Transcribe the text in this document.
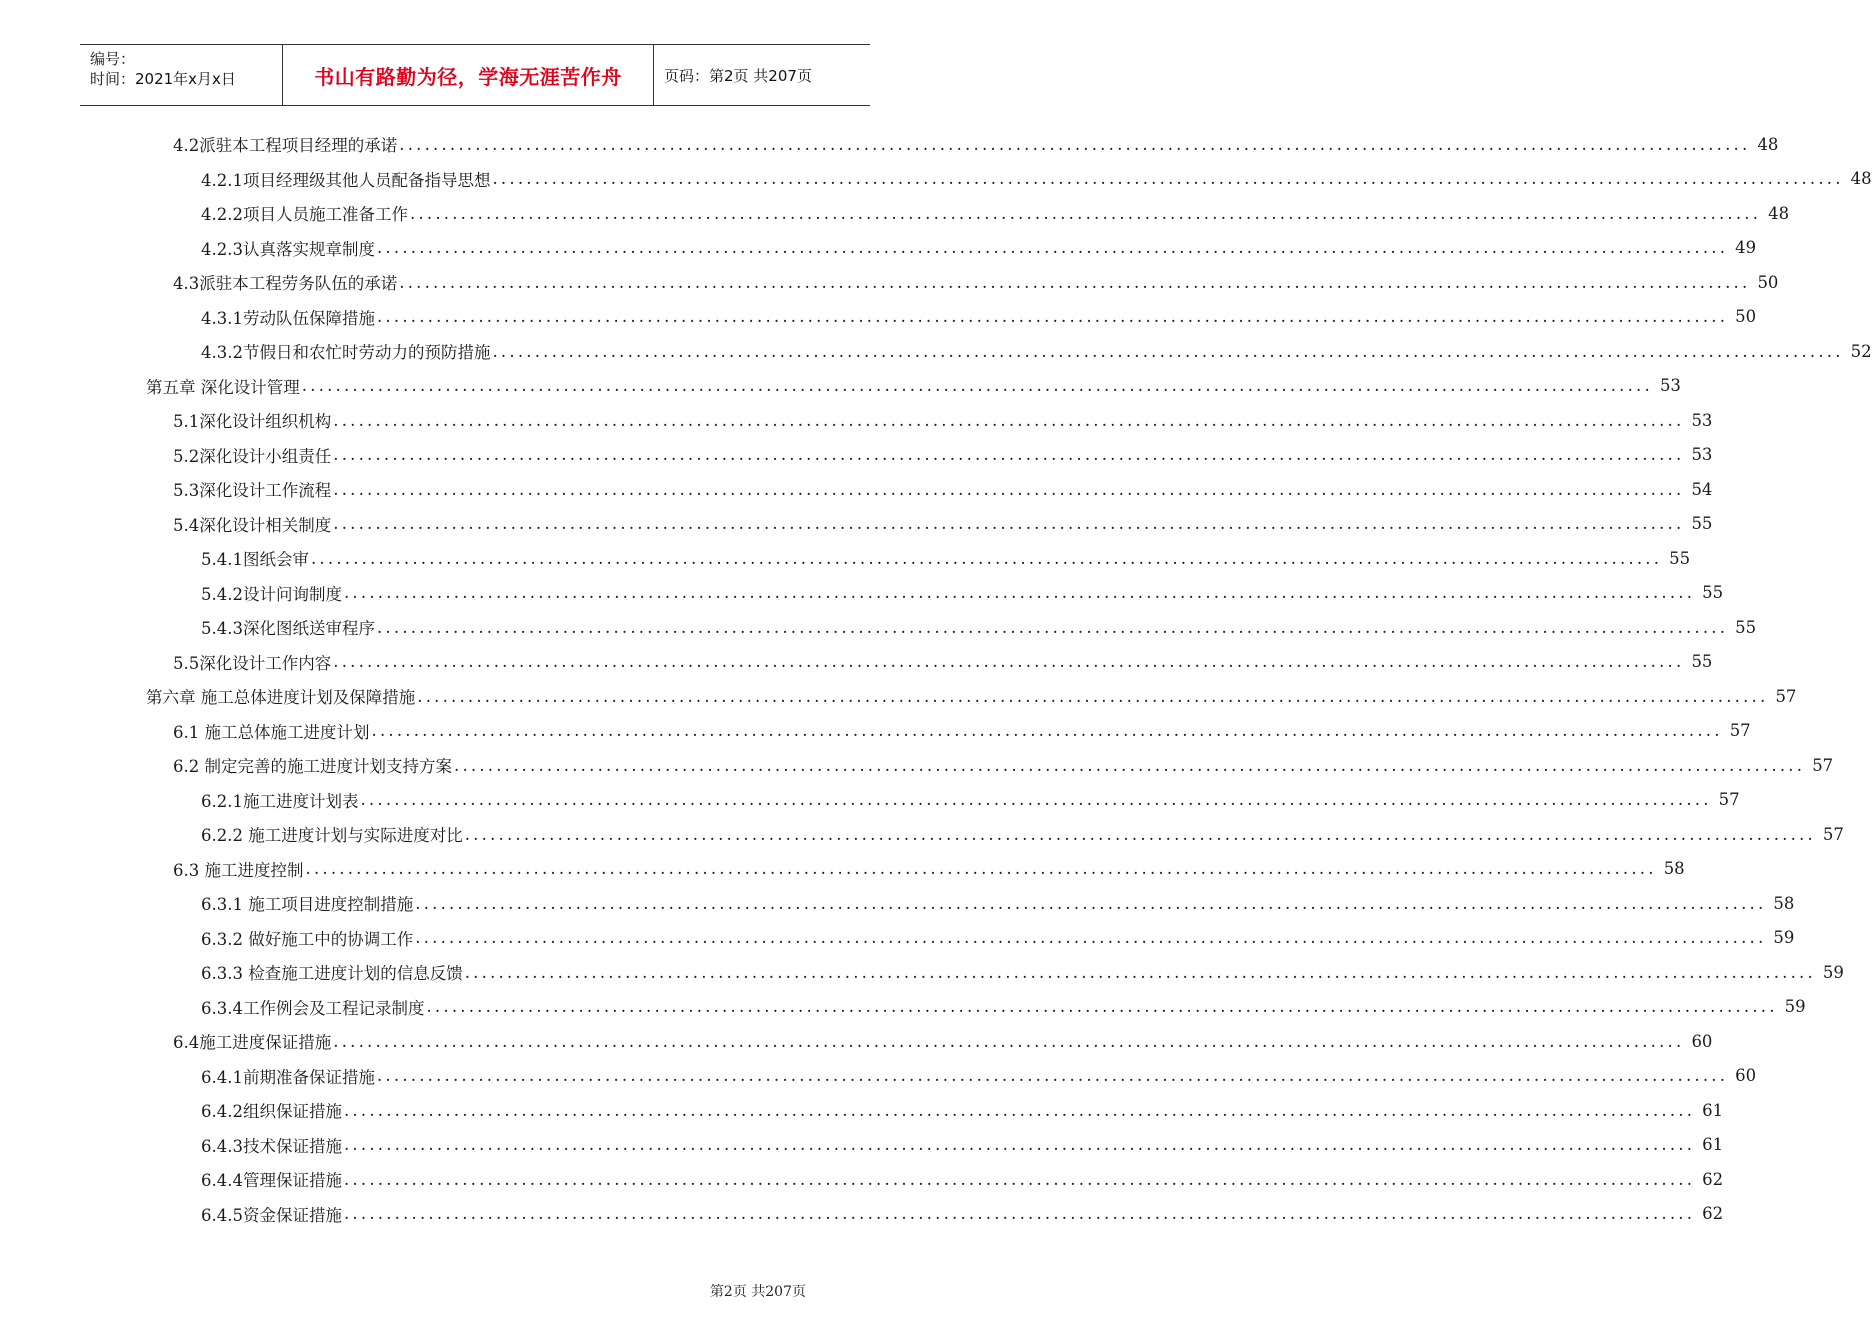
编号：
时间：2021年x月x日	书山有路勤为径，学海无涯苦作舟	页码：第2页 共207页
4.2派驻本工程项目经理的承诺 ................................................................................................................................................................ 48
4.2.1项目经理级其他人员配备指导思想 ................................................................................................................................................................ 48
4.2.2项目人员施工准备工作 ................................................................................................................................................................ 48
4.2.3认真落实规章制度 ................................................................................................................................................................ 49
4.3派驻本工程劳务队伍的承诺 ................................................................................................................................................................ 50
4.3.1劳动队伍保障措施 ................................................................................................................................................................ 50
4.3.2节假日和农忙时劳动力的预防措施 ................................................................................................................................................................ 52
第五章 深化设计管理 ................................................................................................................................................................ 53
5.1深化设计组织机构 ................................................................................................................................................................ 53
5.2深化设计小组责任 ................................................................................................................................................................ 53
5.3深化设计工作流程 ................................................................................................................................................................ 54
5.4深化设计相关制度 ................................................................................................................................................................ 55
5.4.1图纸会审 ................................................................................................................................................................ 55
5.4.2设计问询制度 ................................................................................................................................................................ 55
5.4.3深化图纸送审程序 ................................................................................................................................................................ 55
5.5深化设计工作内容 ................................................................................................................................................................ 55
第六章 施工总体进度计划及保障措施 ................................................................................................................................................................ 57
6.1 施工总体施工进度计划 ................................................................................................................................................................ 57
6.2 制定完善的施工进度计划支持方案 ................................................................................................................................................................ 57
6.2.1施工进度计划表 ................................................................................................................................................................ 57
6.2.2 施工进度计划与实际进度对比 ................................................................................................................................................................ 57
6.3 施工进度控制 ................................................................................................................................................................ 58
6.3.1 施工项目进度控制措施 ................................................................................................................................................................ 58
6.3.2 做好施工中的协调工作 ................................................................................................................................................................ 59
6.3.3 检查施工进度计划的信息反馈 ................................................................................................................................................................ 59
6.3.4工作例会及工程记录制度 ................................................................................................................................................................ 59
6.4施工进度保证措施 ................................................................................................................................................................ 60
6.4.1前期准备保证措施 ................................................................................................................................................................ 60
6.4.2组织保证措施 ................................................................................................................................................................ 61
6.4.3技术保证措施 ................................................................................................................................................................ 61
6.4.4管理保证措施 ................................................................................................................................................................ 62
6.4.5资金保证措施 ................................................................................................................................................................ 62
第2页 共207页
